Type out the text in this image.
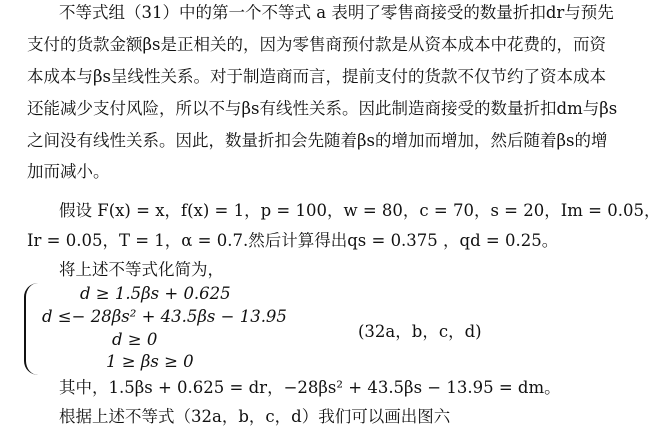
不等式组（31）中的第一个不等式 a 表明了零售商接受的数量折扣dr与预先
支付的货款金额βs是正相关的，因为零售商预付款是从资本成本中花费的，而资
本成本与βs呈线性关系。对于制造商而言，提前支付的货款不仅节约了资本成本
还能减少支付风险，所以不与βs有线性关系。因此制造商接受的数量折扣dm与βs
之间没有线性关系。因此，数量折扣会先随着βs的增加而增加，然后随着βs的增
加而减小。
假设 F(x) = x，f(x) = 1，p = 100，w = 80，c = 70，s = 20，Im = 0.05，
Ir = 0.05，T = 1，α = 0.7.然后计算得出qs = 0.375 ，qd = 0.25。
将上述不等式化简为，
d ≥ 1.5βs + 0.625
d ≤− 28βs² + 43.5βs − 13.95
d ≥ 0
1 ≥ βs ≥ 0
(32a，b，c，d)
其中，1.5βs + 0.625 = dr，−28βs² + 43.5βs − 13.95 = dm。
根据上述不等式（32a，b，c，d）我们可以画出图六
